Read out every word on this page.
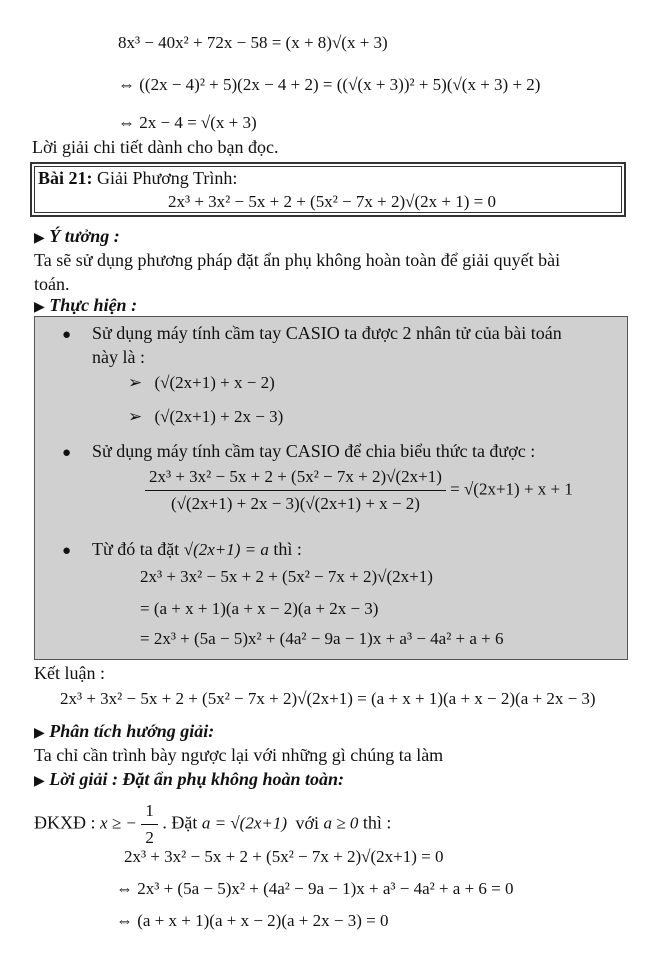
8x³ − 40x² + 72x − 58 = (x + 8)√(x + 3)
⇔ ((2x − 4)² + 5)(2x − 4 + 2) = ((√(x + 3))² + 5)(√(x + 3) + 2)
⇔ 2x − 4 = √(x + 3)
Lời giải chi tiết dành cho bạn đọc.
Bài 21: Giải Phương Trình:
2x³ + 3x² − 5x + 2 + (5x² − 7x + 2)√(2x + 1) = 0
▶ Ý tưởng :
Ta sẽ sử dụng phương pháp đặt ẩn phụ không hoàn toàn để giải quyết bài
toán.
▶ Thực hiện :
● Sử dụng máy tính cầm tay CASIO ta được 2 nhân tử của bài toán
này là :
➢ (√(2x+1) + x − 2)
➢ (√(2x+1) + 2x − 3)
● Sử dụng máy tính cầm tay CASIO để chia biểu thức ta được :
$\frac{\text{2x³ + 3x² − 5x + 2 + (5x² − 7x + 2)√(2x+1)}}{(√(2x+1) + 2x - 3)(√(2x+1) + x - 2)} = √(2x+1) + x + 1$
● Từ đó ta đặt √(2x+1) = a thì :
2x³ + 3x² − 5x + 2 + (5x² − 7x + 2)√(2x+1)
= (a + x + 1)(a + x − 2)(a + 2x − 3)
= 2x³ + (5a − 5)x² + (4a² − 9a − 1)x + a³ − 4a² + a + 6
Kết luận :
2x³ + 3x² − 5x + 2 + (5x² − 7x + 2)√(2x+1) = (a + x + 1)(a + x − 2)(a + 2x − 3)
▶ Phân tích hướng giải:
Ta chỉ cần trình bày ngược lại với những gì chúng ta làm
▶ Lời giải : Đặt ẩn phụ không hoàn toàn:
ĐKXĐ : x ≥ − $\frac{1}{2}$ . Đặt a = √(2x+1) với a ≥ 0 thì :
2x³ + 3x² − 5x + 2 + (5x² − 7x + 2)√(2x+1) = 0
⇔ 2x³ + (5a − 5)x² + (4a² − 9a − 1)x + a³ − 4a² + a + 6 = 0
⇔ (a + x + 1)(a + x − 2)(a + 2x − 3) = 0
